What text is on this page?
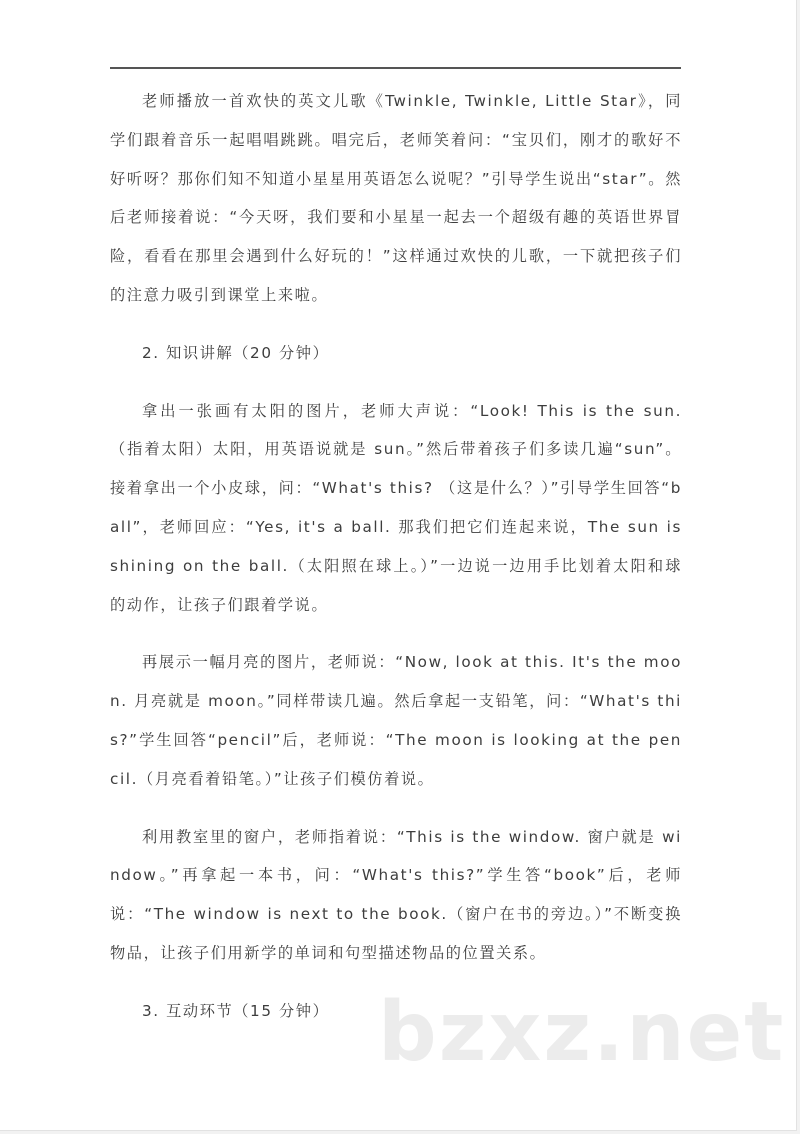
老师播放一首欢快的英文儿歌《Twinkle, Twinkle, Little Star》，同学们跟着音乐一起唱唱跳跳。唱完后，老师笑着问：“宝贝们，刚才的歌好不好听呀？那你们知不知道小星星用英语怎么说呢？”引导学生说出“star”。然后老师接着说：“今天呀，我们要和小星星一起去一个超级有趣的英语世界冒险，看看在那里会遇到什么好玩的！”这样通过欢快的儿歌，一下就把孩子们的注意力吸引到课堂上来啦。

2. 知识讲解（20 分钟）

拿出一张画有太阳的图片，老师大声说：“Look! This is the sun. （指着太阳）太阳，用英语说就是 sun。”然后带着孩子们多读几遍“sun”。接着拿出一个小皮球，问：“What's this? （这是什么？）”引导学生回答“ball”，老师回应：“Yes, it's a ball. 那我们把它们连起来说，The sun is shining on the ball.（太阳照在球上。）”一边说一边用手比划着太阳和球的动作，让孩子们跟着学说。

再展示一幅月亮的图片，老师说：“Now, look at this. It's the moon. 月亮就是 moon。”同样带读几遍。然后拿起一支铅笔，问：“What's this?”学生回答“pencil”后，老师说：“The moon is looking at the pencil.（月亮看着铅笔。）”让孩子们模仿着说。

利用教室里的窗户，老师指着说：“This is the window. 窗户就是 window。”再拿起一本书，问：“What's this?”学生答“book”后，老师说：“The window is next to the book.（窗户在书的旁边。）”不断变换物品，让孩子们用新学的单词和句型描述物品的位置关系。

3. 互动环节（15 分钟） bzxz.net
